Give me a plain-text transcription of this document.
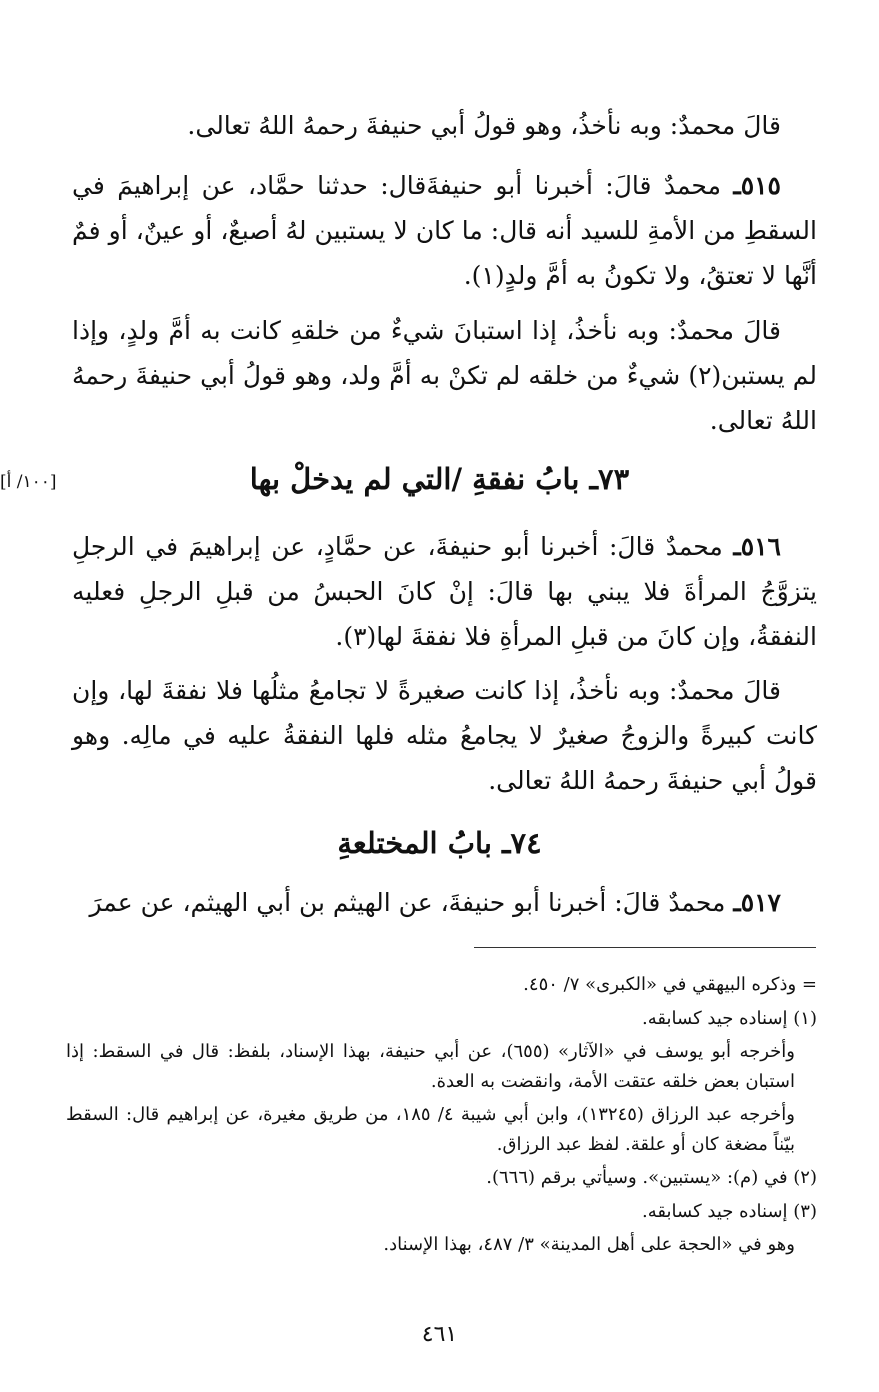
قالَ محمدٌ: وبه نأخذُ، وهو قولُ أبي حنيفةَ رحمهُ اللهُ تعالى.
٥١٥ـ محمدٌ قالَ: أخبرنا أبو حنيفةَقال: حدثنا حمَّاد، عن إبراهيمَ في السقطِ من الأمةِ للسيد أنه قال: ما كان لا يستبين لهُ أصبعٌ، أو عينٌ، أو فمٌ أنَّها لا تعتقُ، ولا تكونُ به أمَّ ولدٍ(١).
قالَ محمدٌ: وبه نأخذُ، إذا استبانَ شيءٌ من خلقهِ كانت به أمَّ ولدٍ، وإذا لم يستبن(٢) شيءٌ من خلقه لم تكنْ به أمَّ ولد، وهو قولُ أبي حنيفةَ رحمهُ اللهُ تعالى.
[١٠٠/ أ]	٧٣ـ بابُ نفقةِ /التي لم يدخلْ بها
٥١٦ـ محمدٌ قالَ: أخبرنا أبو حنيفةَ، عن حمَّادٍ، عن إبراهيمَ في الرجلِ يتزوَّجُ المرأةَ فلا يبني بها قالَ: إنْ كانَ الحبسُ من قبلِ الرجلِ فعليه النفقةُ، وإن كانَ من قبلِ المرأةِ فلا نفقةَ لها(٣).
قالَ محمدٌ: وبه نأخذُ، إذا كانت صغيرةً لا تجامعُ مثلُها فلا نفقةَ لها، وإن كانت كبيرةً والزوجُ صغيرٌ لا يجامعُ مثله فلها النفقةُ عليه في مالِه. وهو قولُ أبي حنيفةَ رحمهُ اللهُ تعالى.
٧٤ـ بابُ المختلعةِ
٥١٧ـ محمدٌ قالَ: أخبرنا أبو حنيفةَ، عن الهيثم بن أبي الهيثم، عن عمرَ

= وذكره البيهقي في «الكبرى» ٧/ ٤٥٠.

(١) إسناده جيد كسابقه.

وأخرجه أبو يوسف في «الآثار» (٦٥٥)، عن أبي حنيفة، بهذا الإسناد، بلفظ: قال في السقط: إذا استبان بعض خلقه عتقت الأمة، وانقضت به العدة.

وأخرجه عبد الرزاق (١٣٢٤٥)، وابن أبي شيبة ٤/ ١٨٥، من طريق مغيرة، عن إبراهيم قال: السقط بيّناً مضغة كان أو علقة. لفظ عبد الرزاق.

(٢) في (م): «يستبين». وسيأتي برقم (٦٦٦).

(٣) إسناده جيد كسابقه.

وهو في «الحجة على أهل المدينة» ٣/ ٤٨٧، بهذا الإسناد.

٤٦١
